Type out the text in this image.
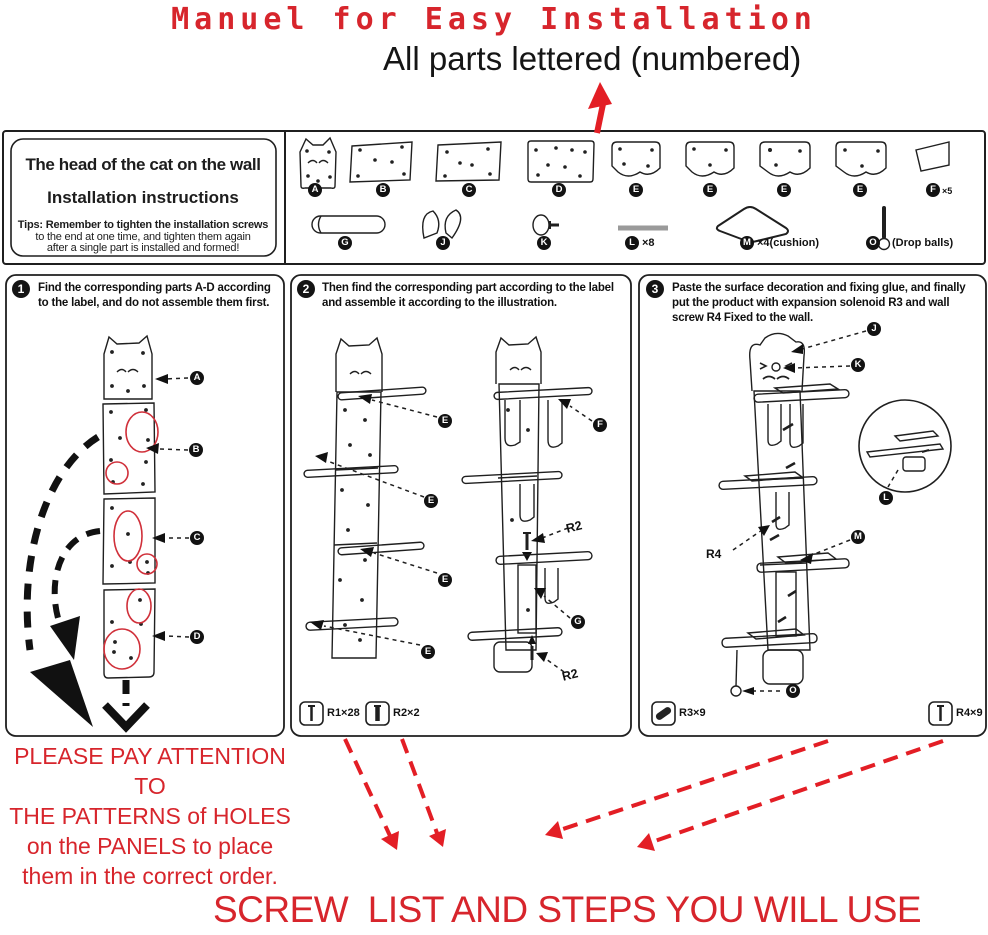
Manuel for Easy Installation
All parts lettered (numbered)
The head of the cat on the wall
Installation instructions
Tips: Remember to tighten the installation screws
to the end at one time, and tighten them again
after a single part is installed and formed!
A	B	C	D	E	E	E	E	F ×5
G	J	K	L ×8	M ×4(cushion)	O	(Drop balls)
1	Find the corresponding parts A-D according to the label, and do not assemble them first.
2	Then find the corresponding part according to the label and assemble it according to the illustration.
3	Paste the surface decoration and fixing glue, and finally put the product with expansion solenoid R3 and wall screw R4 Fixed to the wall.
A
B
C
D
E
E
E
E
F
G
R2
R2
J
K
L
M
O
R4
R1×28	R2×2	R3×9	R4×9
PLEASE PAY ATTENTION TO
THE PATTERNS of HOLES
on the PANELS to place
them in the correct order.
SCREW  LIST AND STEPS YOU WILL USE
